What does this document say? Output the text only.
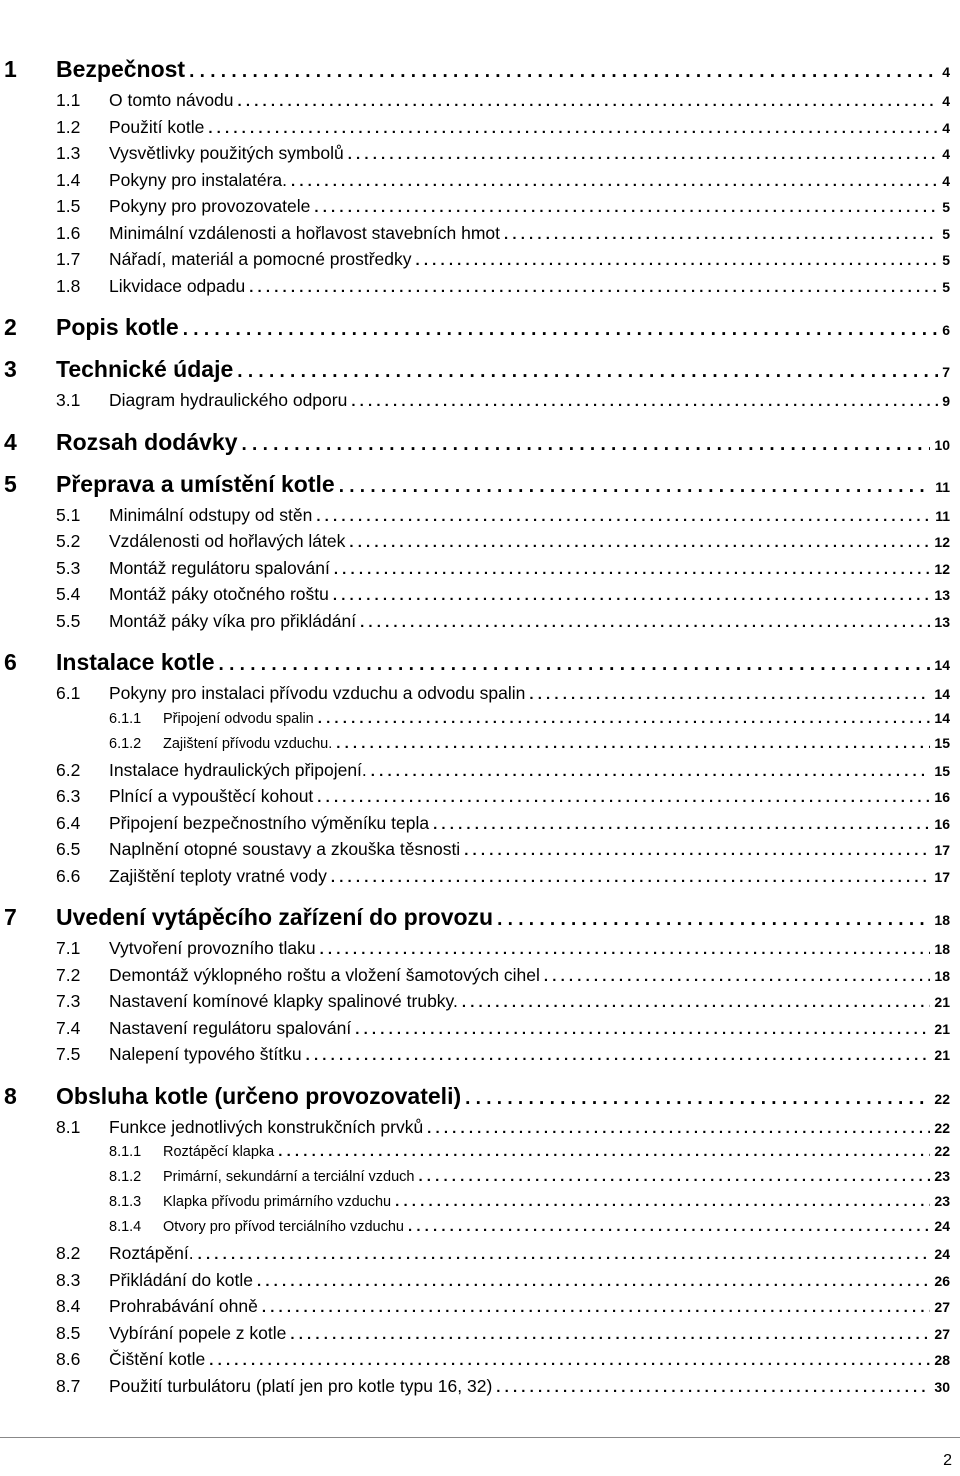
1	Bezpečnost . . .	4
1.1	O tomto návodu . . .	4
1.2	Použití kotle . . .	4
1.3	Vysvětlivky použitých symbolů . . .	4
1.4	Pokyny pro instalatéra. . . .	4
1.5	Pokyny pro provozovatele . . .	5
1.6	Minimální vzdálenosti a hořlavost stavebních hmot . . .	5
1.7	Nářadí, materiál a pomocné prostředky . . .	5
1.8	Likvidace odpadu . . .	5
2	Popis kotle . . .	6
3	Technické údaje . . .	7
3.1	Diagram hydraulického odporu . . .	9
4	Rozsah dodávky . . .	10
5	Přeprava a umístění kotle . . .	11
5.1	Minimální odstupy od stěn . . .	11
5.2	Vzdálenosti od hořlavých látek . . .	12
5.3	Montáž regulátoru spalování . . .	12
5.4	Montáž páky otočného roštu . . .	13
5.5	Montáž páky víka pro přikládání . . .	13
6	Instalace kotle . . .	14
6.1	Pokyny pro instalaci přívodu vzduchu a odvodu spalin . . .	14
6.1.1	Připojení odvodu spalin . . .	14
6.1.2	Zajištení přívodu vzduchu. . . .	15
6.2	Instalace hydraulických připojení. . . .	15
6.3	Plnící a vypouštěcí kohout . . .	16
6.4	Připojení bezpečnostního výměníku tepla . . .	16
6.5	Naplnění otopné soustavy a zkouška těsnosti . . .	17
6.6	Zajištění teploty vratné vody . . .	17
7	Uvedení vytápěcího zařízení do provozu . . .	18
7.1	Vytvoření provozního tlaku . . .	18
7.2	Demontáž výklopného roštu a vložení šamotových cihel . . .	18
7.3	Nastavení komínové klapky spalinové trubky. . . .	21
7.4	Nastavení regulátoru spalování . . .	21
7.5	Nalepení typového štítku . . .	21
8	Obsluha kotle (určeno provozovateli) . . .	22
8.1	Funkce jednotlivých konstrukčních prvků . . .	22
8.1.1	Roztápěcí klapka . . .	22
8.1.2	Primární, sekundární a terciální vzduch . . .	23
8.1.3	Klapka přívodu primárního vzduchu . . .	23
8.1.4	Otvory pro přívod terciálního vzduchu . . .	24
8.2	Roztápění. . . .	24
8.3	Přikládání do kotle . . .	26
8.4	Prohrabávání ohně . . .	27
8.5	Vybírání popele z kotle . . .	27
8.6	Čištění kotle . . .	28
8.7	Použití turbulátoru (platí jen pro kotle typu 16, 32) . . .	30
2
